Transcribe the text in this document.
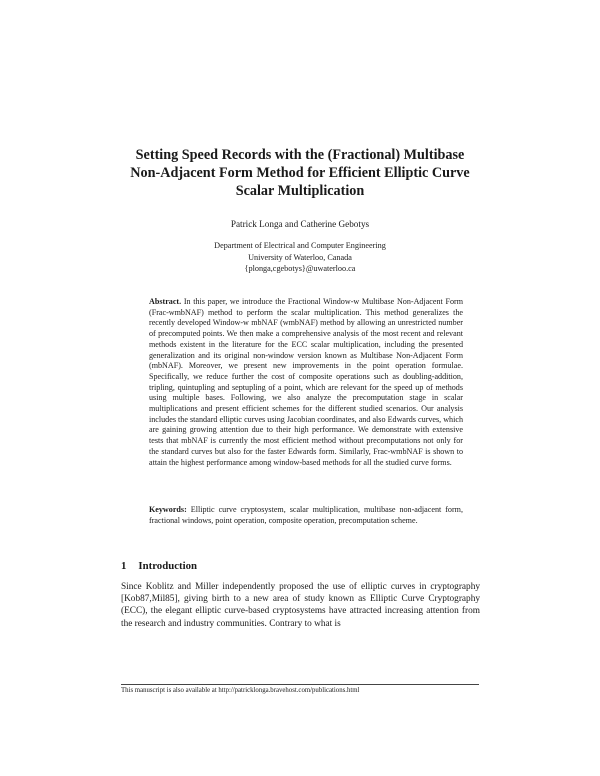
Setting Speed Records with the (Fractional) Multibase
Non-Adjacent Form Method for Efficient Elliptic Curve
Scalar Multiplication
Patrick Longa and Catherine Gebotys
Department of Electrical and Computer Engineering
University of Waterloo, Canada
{plonga,cgebotys}@uwaterloo.ca

Abstract. In this paper, we introduce the Fractional Window-w Multibase Non-Adjacent Form (Frac-wmbNAF) method to perform the scalar multiplication. This method generalizes the recently developed Window-w mbNAF (wmbNAF) method by allowing an unrestricted number of precomputed points. We then make a comprehensive analysis of the most recent and relevant methods existent in the literature for the ECC scalar multiplication, including the presented generalization and its original non-window version known as Multibase Non-Adjacent Form (mbNAF). Moreover, we present new improvements in the point operation formulae. Specifically, we reduce further the cost of composite operations such as doubling-addition, tripling, quintupling and septupling of a point, which are relevant for the speed up of methods using multiple bases. Following, we also analyze the precomputation stage in scalar multiplications and present efficient schemes for the different studied scenarios. Our analysis includes the standard elliptic curves using Jacobian coordinates, and also Edwards curves, which are gaining growing attention due to their high performance. We demonstrate with extensive tests that mbNAF is currently the most efficient method without precomputations not only for the standard curves but also for the faster Edwards form. Similarly, Frac-wmbNAF is shown to attain the highest performance among window-based methods for all the studied curve forms.

Keywords: Elliptic curve cryptosystem, scalar multiplication, multibase non-adjacent form, fractional windows, point operation, composite operation, precomputation scheme.

1 Introduction

Since Koblitz and Miller independently proposed the use of elliptic curves in cryptography [Kob87,Mil85], giving birth to a new area of study known as Elliptic Curve Cryptography (ECC), the elegant elliptic curve-based cryptosystems have attracted increasing attention from the research and industry communities. Contrary to what is

This manuscript is also available at http://patricklonga.bravehost.com/publications.html
